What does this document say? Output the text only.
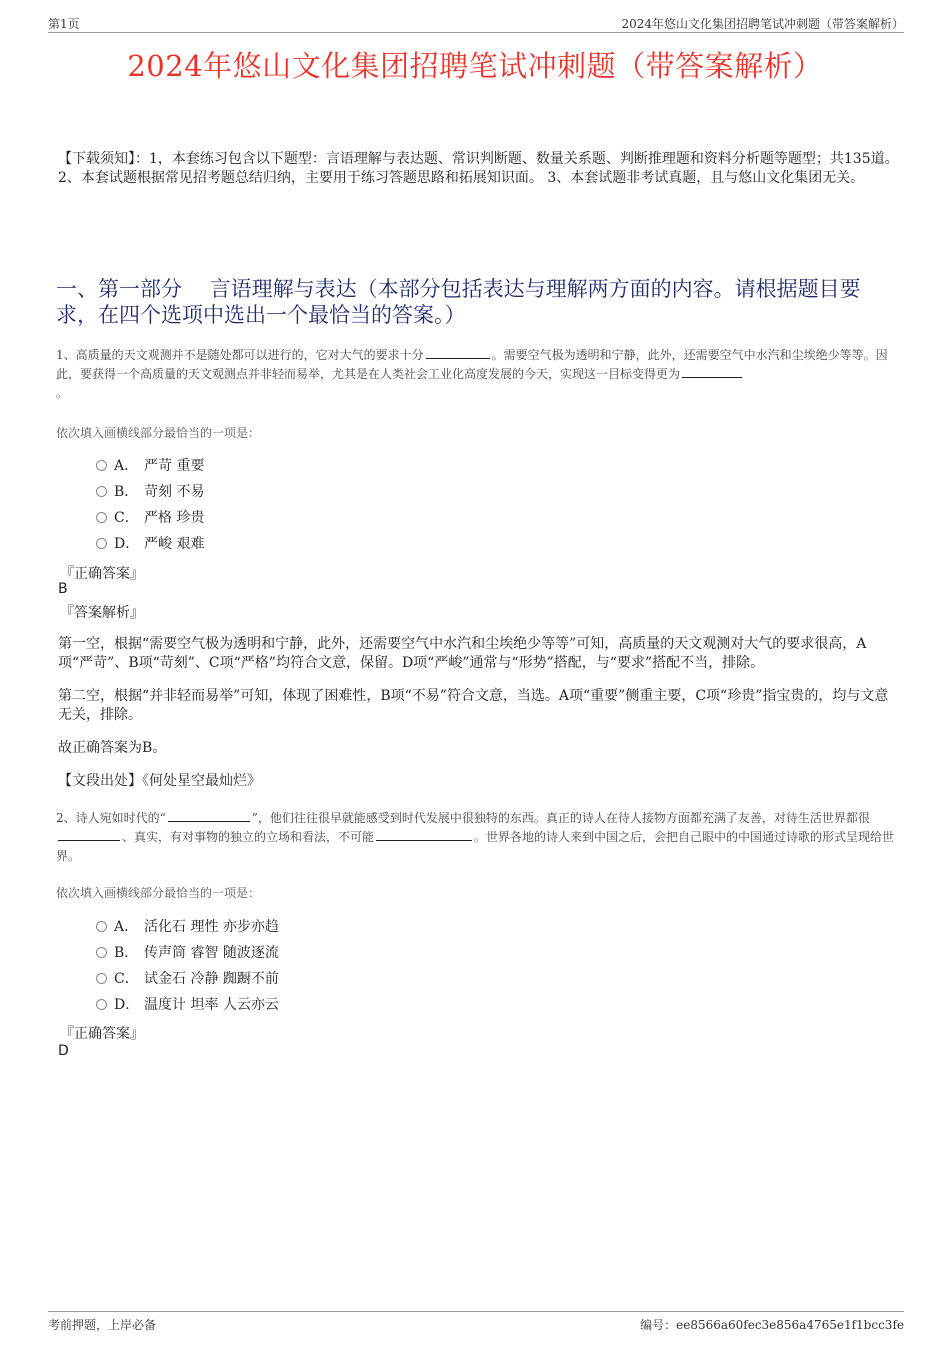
第1页	2024年悠山文化集团招聘笔试冲刺题（带答案解析）
2024年悠山文化集团招聘笔试冲刺题（带答案解析）
【下载须知】：1，本套练习包含以下题型：言语理解与表达题、常识判断题、数量关系题、判断推理题和资料分析题等题型；共135道。 2、本套试题根据常见招考题总结归纳，主要用于练习答题思路和拓展知识面。 3、本套试题非考试真题，且与悠山文化集团无关。
一、第一部分　 言语理解与表达（本部分包括表达与理解两方面的内容。请根据题目要求，在四个选项中选出一个最恰当的答案。）
1、高质量的天文观测并不是随处都可以进行的，它对大气的要求十分	。需要空气极为透明和宁静，此外，还需要空气中水汽和尘埃绝少等等。因此，要获得一个高质量的天文观测点并非轻而易举，尤其是在人类社会工业化高度发展的今天，实现这一目标变得更为
。
依次填入画横线部分最恰当的一项是：
A． 严苛 重要
B． 苛刻 不易
C． 严格 珍贵
D． 严峻 艰难
『正确答案』
B
『答案解析』
第一空，根据“需要空气极为透明和宁静，此外，还需要空气中水汽和尘埃绝少等等”可知，高质量的天文观测对大气的要求很高，A项“严苛”、B项“苛刻”、C项“严格”均符合文意，保留。D项“严峻”通常与“形势”搭配，与“要求”搭配不当，排除。
第二空，根据“并非轻而易举”可知，体现了困难性，B项“不易”符合文意，当选。A项“重要”侧重主要，C项“珍贵”指宝贵的，均与文意无关，排除。
故正确答案为B。
【文段出处】《何处星空最灿烂》
2、诗人宛如时代的“	”，他们往往很早就能感受到时代发展中很独特的东西。真正的诗人在待人接物方面都充满了友善，对待生活世界都很、真实，有对事物的独立的立场和看法，不可能	。世界各地的诗人来到中国之后，会把自己眼中的中国通过诗歌的形式呈现给世界。
依次填入画横线部分最恰当的一项是：
A． 活化石 理性 亦步亦趋
B． 传声筒 睿智 随波逐流
C． 试金石 冷静 踟蹰不前
D． 温度计 坦率 人云亦云
『正确答案』
D
考前押题，上岸必备	编号：ee8566a60fec3e856a4765e1f1bcc3fe
